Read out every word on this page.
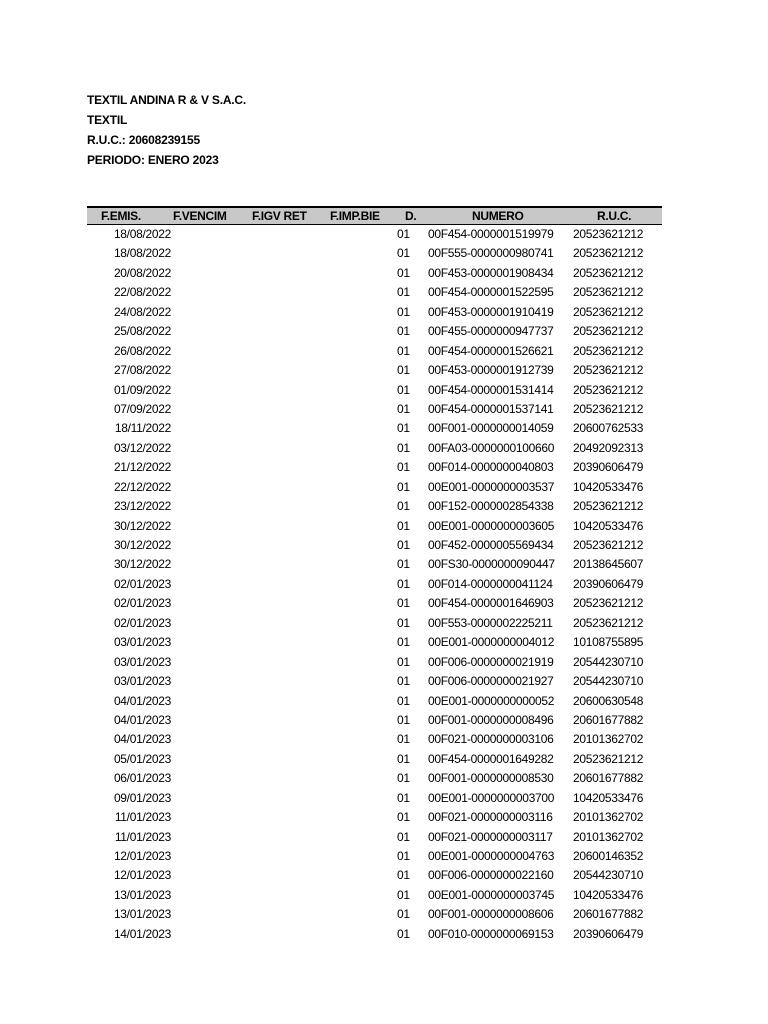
TEXTIL ANDINA R & V S.A.C.
TEXTIL
R.U.C.: 20608239155
PERIODO: ENERO 2023
F.EMIS.	F.VENCIM F.IGV RET F.IMP.BIE D.	NUMERO	R.U.C.
18/08/2022	01 00F454-0000001519979 20523621212
18/08/2022	01 00F555-0000000980741 20523621212
20/08/2022	01 00F453-0000001908434 20523621212
22/08/2022	01 00F454-0000001522595 20523621212
24/08/2022	01 00F453-0000001910419 20523621212
25/08/2022	01 00F455-0000000947737 20523621212
26/08/2022	01 00F454-0000001526621 20523621212
27/08/2022	01 00F453-0000001912739 20523621212
01/09/2022	01 00F454-0000001531414 20523621212
07/09/2022	01 00F454-0000001537141 20523621212
18/11/2022	01 00F001-0000000014059 20600762533
03/12/2022	01 00FA03-0000000100660 20492092313
21/12/2022	01 00F014-0000000040803 20390606479
22/12/2022	01 00E001-0000000003537 10420533476
23/12/2022	01 00F152-0000002854338 20523621212
30/12/2022	01 00E001-0000000003605 10420533476
30/12/2022	01 00F452-0000005569434 20523621212
30/12/2022	01 00FS30-0000000090447 20138645607
02/01/2023	01 00F014-0000000041124 20390606479
02/01/2023	01 00F454-0000001646903 20523621212
02/01/2023	01 00F553-0000002225211 20523621212
03/01/2023	01 00E001-0000000004012 10108755895
03/01/2023	01 00F006-0000000021919 20544230710
03/01/2023	01 00F006-0000000021927 20544230710
04/01/2023	01 00E001-0000000000052 20600630548
04/01/2023	01 00F001-0000000008496 20601677882
04/01/2023	01 00F021-0000000003106 20101362702
05/01/2023	01 00F454-0000001649282 20523621212
06/01/2023	01 00F001-0000000008530 20601677882
09/01/2023	01 00E001-0000000003700 10420533476
11/01/2023	01 00F021-0000000003116 20101362702
11/01/2023	01 00F021-0000000003117 20101362702
12/01/2023	01 00E001-0000000004763 20600146352
12/01/2023	01 00F006-0000000022160 20544230710
13/01/2023	01 00E001-0000000003745 10420533476
13/01/2023	01 00F001-0000000008606 20601677882
14/01/2023	01 00F010-0000000069153 20390606479
